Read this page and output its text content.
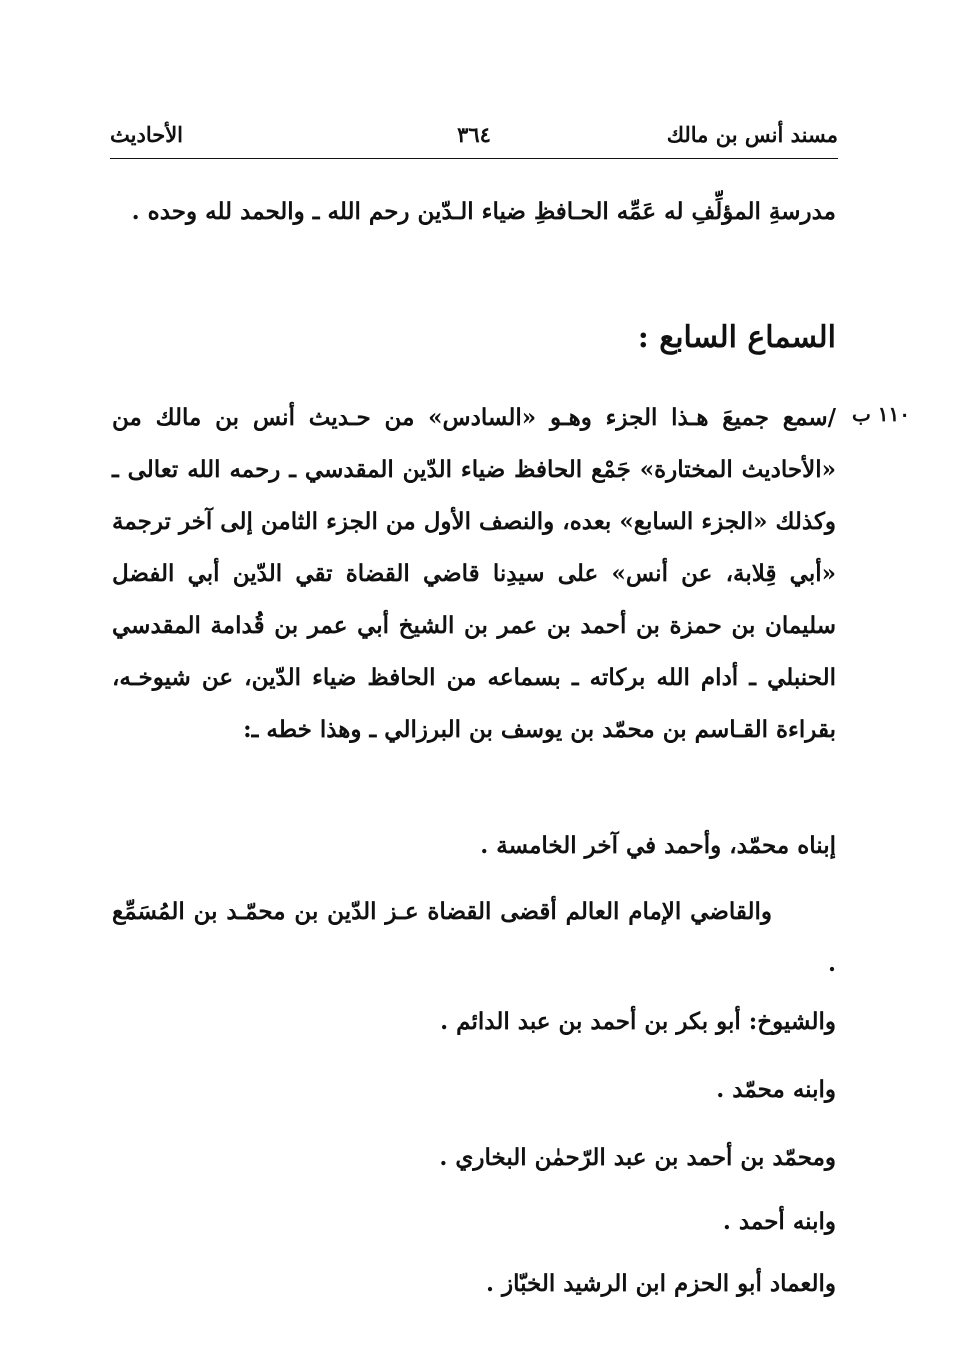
مسند أنس بن مالك
٣٦٤
الأحاديث
مدرسةِ المؤلِّفِ له عَمِّه الحـافظِ ضياء الـدّين رحم الله ـ والحمد لله وحده .
السماع السابع :
١١٠ ب
/سمع جميعَ هـذا الجزء وهـو «السادس» من حـديث أنس بن مالك من «الأحاديث المختارة» جَمْع الحافظ ضياء الدّين المقدسي ـ رحمه الله تعالى ـ وكذلك «الجزء السابع» بعده، والنصف الأول من الجزء الثامن إلى آخر ترجمة «أبي قِلابة، عن أنس» على سيدِنا قاضي القضاة تقي الدّين أبي الفضل سليمان بن حمزة بن أحمد بن عمر بن الشيخ أبي عمر بن قُدامة المقدسي الحنبلي ـ أدام الله بركاته ـ بسماعه من الحافظ ضياء الدّين، عن شيوخـه، بقراءة القـاسم بن محمّد بن يوسف بن البرزالي ـ وهذا خطه ـ:
إبناه محمّد، وأحمد في آخر الخامسة .
والقاضي الإمام العالم أقضى القضاة عـز الدّين بن محمّـد بن المُسَمِّع .
والشيوخ: أبو بكر بن أحمد بن عبد الدائم .
وابنه محمّد .
ومحمّد بن أحمد بن عبد الرّحمٰن البخاري .
وابنه أحمد .
والعماد أبو الحزم ابن الرشيد الخبّاز .
